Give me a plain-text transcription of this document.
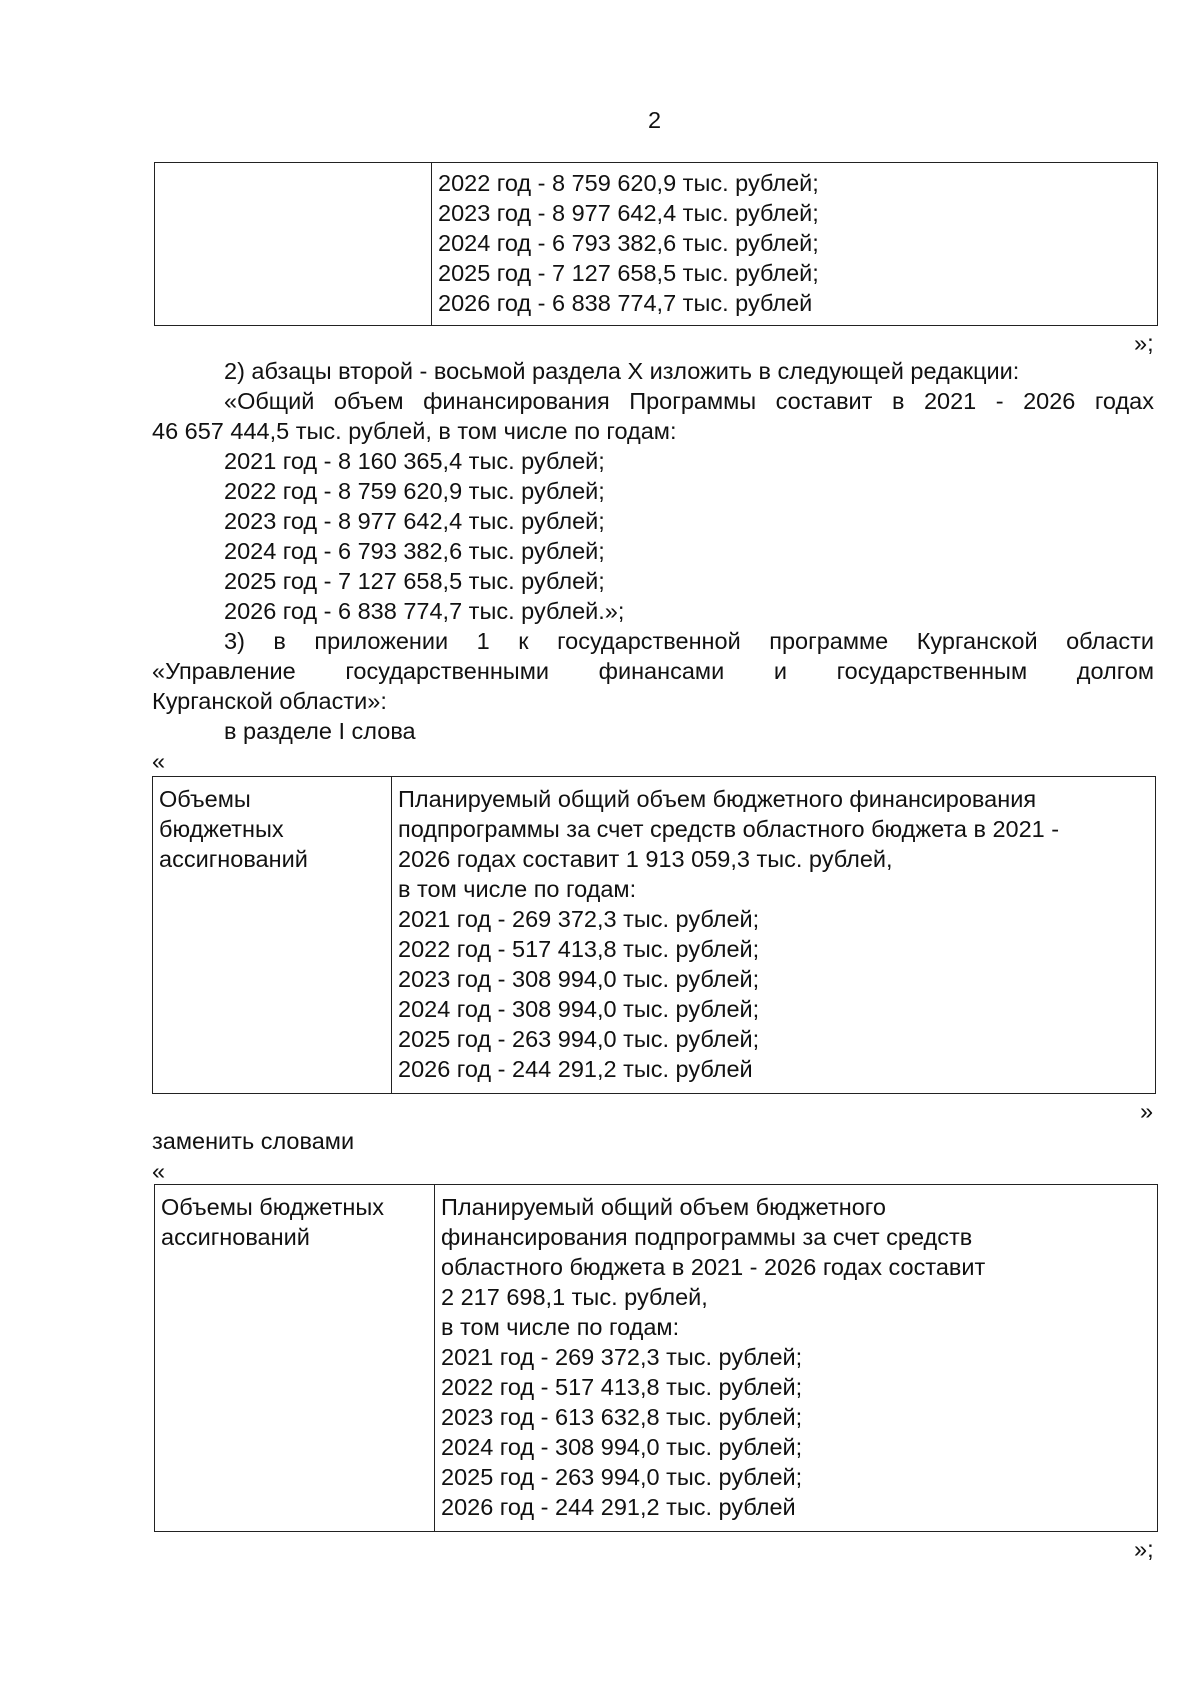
2
2022 год - 8 759 620,9 тыс. рублей;
2023 год - 8 977 642,4 тыс. рублей;
2024 год - 6 793 382,6 тыс. рублей;
2025 год - 7 127 658,5 тыс. рублей;
2026 год - 6 838 774,7 тыс. рублей
»;
2) абзацы второй - восьмой раздела X изложить в следующей редакции:
«Общий объем финансирования Программы составит в 2021 - 2026 годах
46 657 444,5 тыс. рублей, в том числе по годам:
2021 год - 8 160 365,4 тыс. рублей;
2022 год - 8 759 620,9 тыс. рублей;
2023 год - 8 977 642,4 тыс. рублей;
2024 год - 6 793 382,6 тыс. рублей;
2025 год - 7 127 658,5 тыс. рублей;
2026 год - 6 838 774,7 тыс. рублей.»;
3) в приложении 1 к государственной программе Курганской области
«Управление государственными финансами и государственным долгом
Курганской области»:
в разделе I слова
«
Объемы
бюджетных
ассигнований
Планируемый общий объем бюджетного финансирования
подпрограммы за счет средств областного бюджета в 2021 -
2026 годах составит 1 913 059,3 тыс. рублей,
в том числе по годам:
2021 год - 269 372,3 тыс. рублей;
2022 год - 517 413,8 тыс. рублей;
2023 год - 308 994,0 тыс. рублей;
2024 год - 308 994,0 тыс. рублей;
2025 год - 263 994,0 тыс. рублей;
2026 год - 244 291,2 тыс. рублей
»
заменить словами
«
Объемы бюджетных
ассигнований
Планируемый общий объем бюджетного
финансирования подпрограммы за счет средств
областного бюджета в 2021 - 2026 годах составит
2 217 698,1 тыс. рублей,
в том числе по годам:
2021 год - 269 372,3 тыс. рублей;
2022 год - 517 413,8 тыс. рублей;
2023 год - 613 632,8 тыс. рублей;
2024 год - 308 994,0 тыс. рублей;
2025 год - 263 994,0 тыс. рублей;
2026 год - 244 291,2 тыс. рублей
»;
